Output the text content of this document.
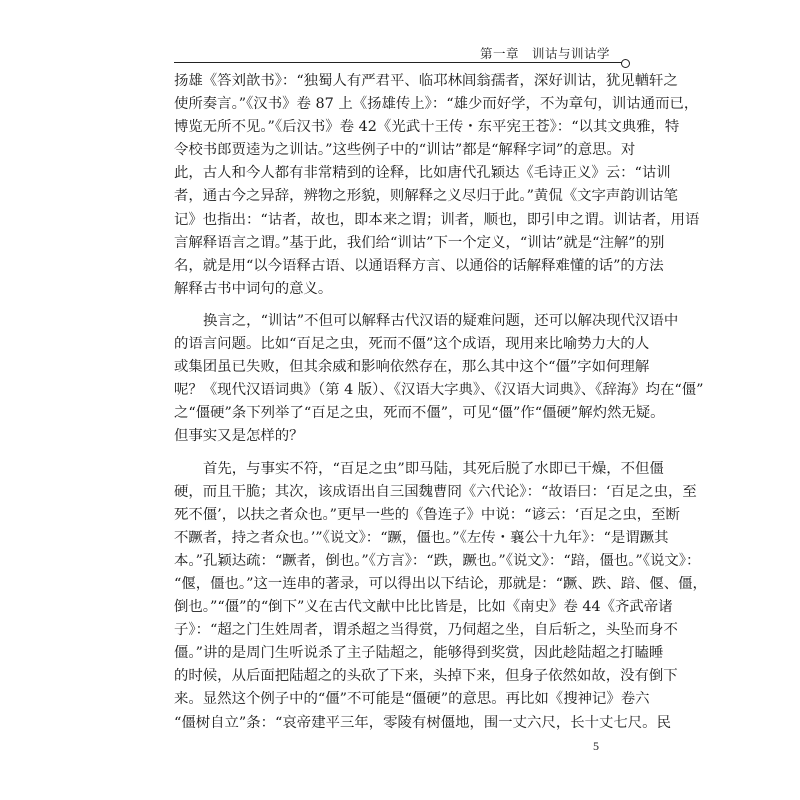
第一章　训诂与训诂学
扬雄《答刘歆书》：“独蜀人有严君平、临邛林闾翁孺者，深好训诂，犹见輶轩之
使所奏言。”《汉书》卷 87 上《扬雄传上》：“雄少而好学，不为章句，训诂通而已，
博览无所不见。”《后汉书》卷 42《光武十王传・东平宪王苍》：“以其文典雅，特
令校书郎贾逵为之训诂。”这些例子中的“训诂”都是“解释字词”的意思。对
此，古人和今人都有非常精到的诠释，比如唐代孔颖达《毛诗正义》云：“诂训
者，通古今之异辞，辨物之形貌，则解释之义尽归于此。”黄侃《文字声韵训诂笔
记》也指出：“诂者，故也，即本来之谓；训者，顺也，即引申之谓。训诂者，用语
言解释语言之谓。”基于此，我们给“训诂”下一个定义，“训诂”就是“注解”的别
名，就是用“以今语释古语、以通语释方言、以通俗的话解释难懂的话”的方法
解释古书中词句的意义。
换言之，“训诂”不但可以解释古代汉语的疑难问题，还可以解决现代汉语中
的语言问题。比如“百足之虫，死而不僵”这个成语，现用来比喻势力大的人
或集团虽已失败，但其余威和影响依然存在，那么其中这个“僵”字如何理解
呢？《现代汉语词典》（第 4 版）、《汉语大字典》、《汉语大词典》、《辞海》均在“僵”
之“僵硬”条下列举了“百足之虫，死而不僵”，可见“僵”作“僵硬”解灼然无疑。
但事实又是怎样的？
首先，与事实不符，“百足之虫”即马陆，其死后脱了水即已干燥，不但僵
硬，而且干脆；其次，该成语出自三国魏曹冏《六代论》：“故语曰：‘百足之虫，至
死不僵’，以扶之者众也。”更早一些的《鲁连子》中说：“谚云：‘百足之虫，至断
不蹶者，持之者众也。’”《说文》：“蹶，僵也。”《左传・襄公十九年》：“是谓蹶其
本。”孔颖达疏：“蹶者，倒也。”《方言》：“跌，蹶也。”《说文》：“踣，僵也。”《说文》：
“偃，僵也。”这一连串的著录，可以得出以下结论，那就是：“蹶、跌、踣、偃、僵，
倒也。”“僵”的“倒下”义在古代文献中比比皆是，比如《南史》卷 44《齐武帝诸
子》：“超之门生姓周者，谓杀超之当得赏，乃伺超之坐，自后斩之，头坠而身不
僵。”讲的是周门生听说杀了主子陆超之，能够得到奖赏，因此趁陆超之打瞌睡
的时候，从后面把陆超之的头砍了下来，头掉下来，但身子依然如故，没有倒下
来。显然这个例子中的“僵”不可能是“僵硬”的意思。再比如《搜神记》卷六
“僵树自立”条：“哀帝建平三年，零陵有树僵地，围一丈六尺，长十丈七尺。民
5
